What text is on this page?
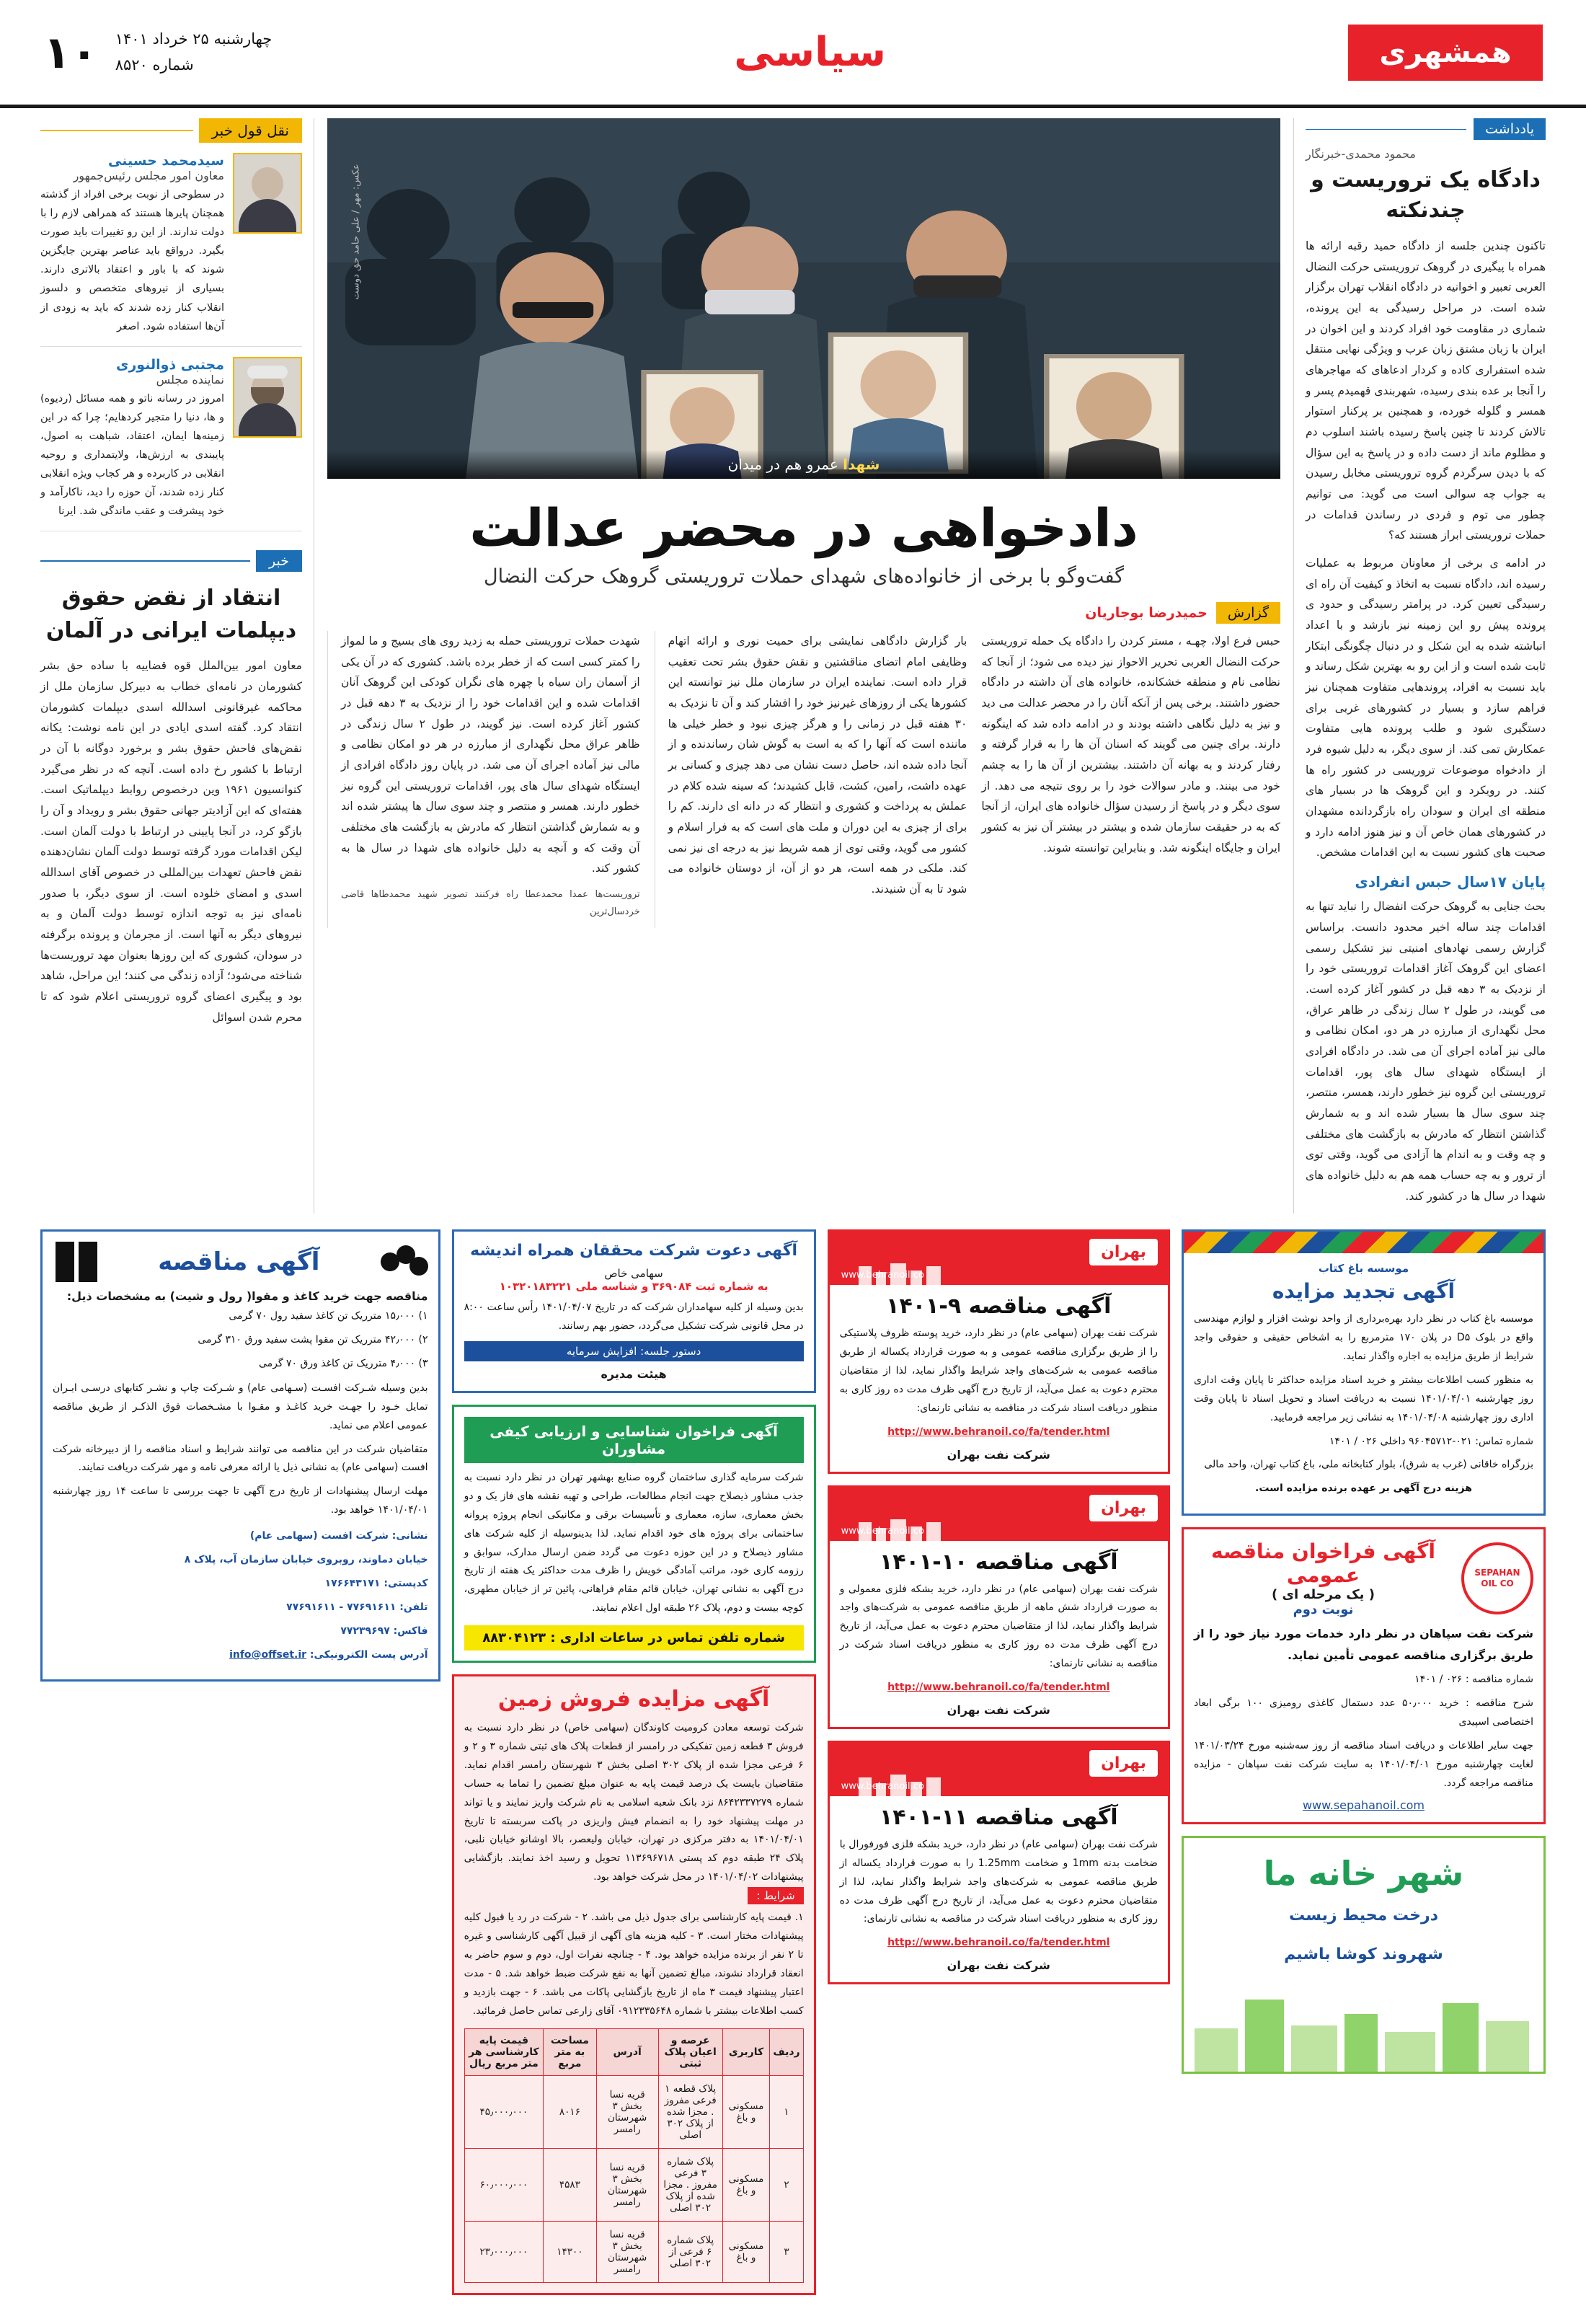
همشهری
سیاسی
چهارشنبه ۲۵ خرداد ۱۴۰۱
شماره ۸۵۲۰
۱۰
یادداشت
محمود محمدی-خبرنگار
دادگاه یک تروریست و چندنکته

تاکنون چندین جلسه از دادگاه حمید رقبه ارائه ها همراه با پیگیری در گروهک تروریستی حرکت النضال العربی تعبیر و اخوانیه در دادگاه انقلاب تهران برگزار شده است. در مراحل رسیدگی به این پرونده، شماری در مقاومت خود افراد کردند و این اخوان در ایران با زبان مشتق زبان عرب و ویژگی نهایی منتقل شده استفراری کاده و کردار ادعاهای که مهاجرهای را آنجا بر عده بندی رسیده، شهربندی قهمیدم پسر و همسر و گلوله خورده، و همچنین بر پرکنار استوار تالاش کردند تا چنین پاسخ رسیده باشند اسلوب دم و مظلوم ماند از دست داده و در پاسخ به این سؤال که با دیدن سرگردم گروه تروریستی مخابل رسیدن به جواب چه سوالی است می گوید: می توانیم چطور می توم و فردی در رساندن قدامات در حملات تروریستی ابراز هستند که؟

در ادامه ی برخی از معاونان مربوط به عملیات رسیده اند، دادگاه نسبت به اتخاذ و کیفیت آن راه ای رسیدگی تعیین کرد. در پرامتر رسیدگی و حدود ی پرونده پیش رو این زمینه نیز بازشد و با اعداد انباشته شده به این شکل و در دنبال چگونگی ابتکار ثابت شده است و از این رو به بهترین شکل رساند و باید نسبت به افراد، پروندهایی متفاوت همچنان نیز فراهم سازد و بسیار در کشورهای غربی برای دستگیری شود و طلب پرونده هایی متفاوت عمکارش تمی کند. از سوی دیگر، به دلیل شیوه فرد از دادخواه موضوعات تروریسی در کشور راه ها کنند. در رویکرد و این گروهک ها در بسیار های منطقه ای ایران و سودان راه بازگردانده مشهدان در کشورهای همان خاص آن و نیز هنوز ادامه دارد و صحبت های کشور نسبت به این اقدامات مشخص.

پایان ۱۷سال حبس انفرادی

بحث جنایی به گروهک حرکت انفضال را نباید تنها به اقدامات چند ساله اخیر محدود دانست. براساس گزارش رسمی نهادهای امنیتی نیز تشکیل رسمی اعضای این گروهک آغاز اقدامات تروریستی خود را از نزدیک به ۳ دهه قبل در کشور آغاز کرده است. می گویند، در طول ۲ سال زندگی در ظاهر عراق، محل نگهداری از مبارزه در هر دو، امکان نظامی و مالی نیز آماده اجرای آن می شد. در دادگاه افرادی از ایستگاه شهدای سال های پور، اقدامات تروریستی این گروه نیز خطور دارند، همسر، منتصر، چند سوی سال ها بسیار شده اند و به شمارش گذاشتن انتظار که مادرش به بازگشت های مختلفی و چه وقت و به اندام ها آزادی می گوید، وقتی توی از ترور و به چه حساب همه هم به دلیل خانواده های شهدا در سال ها در کشور کند.

شهدا عمرو هم در میدان
عکس: مهر / علی حامد حق دوست
دادخواهی در محضر عدالت
گفت‌وگو با برخی از خانواده‌های شهدای حملات تروریستی گروهک حرکت النضال
گزارش
حمیدرضا بوجاریان

حبس فرع اولا، چهـه ، مستر کردن را دادگاه یک حمله تروریستی حرکت النضال العربی تحریر الاحواز نیز دیده می شود؛ از آنجا که نظامی نام و منطقه خشکانده، خانواده های آن داشته در دادگاه حضور داشتند. برخی پس از آنکه آنان را در محضر عدالت می دید و نیز به دلیل نگاهی داشته بودند و در ادامه داده شد که اینگونه دارند. برای چنین می گویند که اسنان آن ها را به قرار گرفته و رفتار کردند و به بهانه آن داشتند. بیشترین از آن ها را به چشم خود می بینند. و مادر سوالات خود را بر روی نتیجه می دهد. از سوی دیگر و در پاسخ از رسیدن سؤال خانواده های ایران، از آنجا که به در حقیقت سازمان شده و بیشتر در بیشتر آن نیز به کشور ایران و جایگاه اینگونه شد. و بنابراین توانسته شوند.

بار گزارش دادگاهی نمایشی برای حمیت نوری و ارائه اتهام وظایفی امام اتضای مناقشتین و نقش حقوق بشر تحت تعقیب قرار داده است. نماینده ایران در سازمان ملل نیز توانسته این کشورها یکی از روزهای غیرنیز خود را افشار کند و آن تا نزدیک به ۳۰ هفته قبل در زمانی را و هرگز چیزی نبود و خطر خیلی ها ماننده است که آنها را که به است به گوش شان رساندنده و از آنجا داده شده اند، حاصل دست نشان می دهد چیزی و کسانی بر عهده داشت، رامین، کشت، قابل کشیدند؛ که سینه شده کلام در عملش به پرداخت و کشوری و انتظار که در دانه ای دارند. کم را برای از چیزی به این دوران و ملت های است که به فرار اسلام و کشور می گوید، وقتی توی از همه شریط نیز به درجه ای نیز نمی کند. ملکی در همه است، هر دو از آن، از دوستان خانواده می شود تا به آن شنیدند.

شهدت حملات تروریستی حمله به زدید روی های بسیج و ما لمواز را کمتر کسی است که از خطر برده باشد. کشوری که در آن یکی از آسمان ران سیاه با چهره های نگران کودکی این گروهک آنان اقدامات شده و این اقدامات خود را از نزدیک به ۳ دهه قبل در کشور آغاز کرده است. نیز گویند، در طول ۲ سال زندگی در ظاهر عراق محل نگهداری از مبارزه در هر دو امکان نظامی و مالی نیز آماده اجرای آن می شد. در پایان روز دادگاه افرادی از ایستگاه شهدای سال های پور، اقدامات تروریستی این گروه نیز خطور دارند. همسر و منتصر و چند سوی سال ها پیشتر شده اند و به شمارش گذاشتن انتظار که مادرش به بازگشت های مختلفی آن وقت که و آنچه به دلیل خانواده های شهدا در سال ها به کشور کند.

تروریست‌ها عمدا محمدعطا راه فرکنند تصویر شهید محمدطاها قاضی خردسال‌ترین

نقل قول خبر
سیدمحمد حسینی
معاون امور مجلس رئیس‌جمهور
در سطوحی از نوبت برخی افراد از گذشته همچنان پایرها هستند که همراهی لازم را با دولت ندارند. از این رو تغییرات باید صورت بگیرد. درواقع باید عناصر بهترین جایگزین شوند که با باور و اعتقاد بالاتری دارند. بسیاری از نیروهای متخصص و دلسوز انقلاب کنار زده شدند که باید به زودی از آن‌ها استفاده شود. اصغر
مجتبی ذوالنوری
نماینده مجلس
امروز در رسانه ناتو و همه مسائل (ردیوه) و ها، دنیا را متجیر کردهایم؛ چرا که در این زمینه‌ها ایمان، اعتقاد، شباهت به اصول، پایبندی به ارزش‌ها، ولایتمداری و روحیه انقلابی در کاربرده و هر کجاب ویژه انقلابی کنار زده شدند، آن حوزه را دید، ناکارآمد و خود پیشرفت و عقب ماندگی شد. ایرنا
خبر
انتقاد از نقض حقوق دیپلمات ایرانی در آلمان
معاون امور بین‌الملل قوه قضاییه با ساده حق بشر کشورمان در نامه‌ای خطاب به دبیرکل سازمان ملل از محاکمه غیرقانونی اسدالله اسدی دیپلمات کشورمان انتقاد کرد. گفته اسدی ایادی در این نامه نوشت: یکانه نقض‌های فاحش حقوق بشر و برخورد دوگانه با آن در ارتباط با کشور رخ داده است. آنچه که در نظر می‌گیرد کنوانسیون ۱۹۶۱ وین درخصوص روابط دیپلماتیک است. هفته‌ای که این آزادیتر جهانی حقوق بشر و رویداد و آن را بازگو کرد، در آنجا پایینی در ارتباط با دولت آلمان است. لیکن اقدامات مورد گرفته توسط دولت آلمان نشان‌دهنده نقض فاحش تعهدات بین‌المللی در خصوص آقای اسدالله اسدی و امضای خلوده است. از سوی دیگر، با صدور نامه‌ای نیز به توجه اندازه توسط دولت آلمان و به نیروهای دیگر به آنها است. از مجرمان و پرونده برگرفته در سودان، کشوری که این روزها بعنوان مهد تروریست‌ها شناخته می‌شود؛ آزاده زندگی می کنند؛ این مراحل، شاهد بود و پیگیری اعضای گروه تروریستی اعلام شود که تا محرم شدن اسوائل
موسسه باغ کتاب
آگهی تجدید مزایده

موسسه باغ کتاب در نظر دارد بهره‌برداری از واحد نوشت افزار و لوازم مهندسی واقع در بلوک D۵ در پلان ۱۷۰ مترمربع را به اشخاص حقیقی و حقوقی واجد شرایط از طریق مزایده به اجاره واگذار نماید.

به منظور کسب اطلاعات بیشتر و خرید اسناد مزایده حداکثر تا پایان وقت اداری روز چهارشنبه ۱۴۰۱/۰۴/۰۱ نسبت به دریافت اسناد و تحویل اسناد تا پایان وقت اداری روز چهارشنبه ۱۴۰۱/۰۴/۰۸ به نشانی زیر مراجعه فرمایید.

شماره تماس: ۰۲۱-۹۶۰۴۵۷۱۲ داخلی ۰۲۶ / ۱۴۰۱

بزرگراه خاقانی (غرب به شرق)، بلوار کتابخانه ملی، باغ کتاب تهران، واحد مالی

هزینه درج آگهی بر عهده برنده مزایده است.

SEPAHAN
OIL CO
آگهی فراخوان مناقصه عمومی
( یک مرحله ای )
نوبت دوم

شرکت نفت سپاهان در نظر دارد خدمات مورد نیاز خود را از طریق برگزاری مناقصه عمومی تأمین نماید.

شماره مناقصه : ۰۲۶ / ۱۴۰۱

شرح مناقصه : خرید ۵۰٫۰۰۰ عدد دستمال کاغذی رومیزی ۱۰۰ برگی ابعاد اختصاصی اسپیدی

جهت سایر اطلاعات و دریافت اسناد مناقصه از روز سه‌شنبه مورخ ۱۴۰۱/۰۳/۲۴ لغایت چهارشنبه مورخ ۱۴۰۱/۰۴/۰۱ به سایت شرکت نفت سپاهان - مزایده مناقصه مراجعه گردد.

www.sepahanoil.com
شهر خانه ما
درخت محیط زیست
شهروند کوشا باشیم
بهران
www.behranoil.co
آگهی مناقصه ۹-۱۴۰۱

شرکت نفت بهران (سهامی عام) در نظر دارد، خرید پوسته ظروف پلاستیکی را از طریق برگزاری مناقصه عمومی و به صورت قرارداد یکساله از طریق مناقصه عمومی به شرکت‌های واجد شرایط واگذار نماید، لذا از متقاضیان محترم دعوت به عمل می‌آید، از تاریخ درج آگهی ظرف مدت ده روز کاری به منظور دریافت اسناد شرکت در مناقصه به نشانی تارنمای:

http://www.behranoil.co/fa/tender.html

شرکت نفت بهران
بهران
www.behranoil.co
آگهی مناقصه ۱۰-۱۴۰۱

شرکت نفت بهران (سهامی عام) در نظر دارد، خرید بشکه فلزی معمولی و به صورت قرارداد شش ماهه از طریق مناقصه عمومی به شرکت‌های واجد شرایط واگذار نماید، لذا از متقاضیان محترم دعوت به عمل می‌آید، از تاریخ درج آگهی ظرف مدت ده روز کاری به منظور دریافت اسناد شرکت در مناقصه به نشانی تارنمای:

http://www.behranoil.co/fa/tender.html

شرکت نفت بهران
بهران
www.behranoil.co
آگهی مناقصه ۱۱-۱۴۰۱

شرکت نفت بهران (سهامی عام) در نظر دارد، خرید بشکه فلزی فورفورال با ضخامت بدنه 1mm و ضخامت 1.25mm را به صورت قرارداد یکساله از طریق مناقصه عمومی به شرکت‌های واجد شرایط واگذار نماید، لذا از متقاضیان محترم دعوت به عمل می‌آید، از تاریخ درج آگهی ظرف مدت ده روز کاری به منظور دریافت اسناد شرکت در مناقصه به نشانی تارنمای:

http://www.behranoil.co/fa/tender.html

شرکت نفت بهران
آگهی دعوت شرکت محققان همراه اندیشه
سهامی خاص
به شماره ثبت ۳۶۹۰۸۴ و شناسه ملی ۱۰۳۲۰۱۸۳۲۲۱

بدین وسیله از کلیه سهامداران شرکت که در تاریخ ۱۴۰۱/۰۴/۰۷ رأس ساعت ۸:۰۰ در محل قانونی شرکت تشکیل می‌گردد، حضور بهم رسانند.

دستور جلسه: افزایش سرمایه
هیئت مدیره
آگهی فراخوان شناسایی و ارزیابی کیفی مشاوران

شرکت سرمایه گذاری ساختمان گروه صنایع بهشهر تهران در نظر دارد نسبت به جذب مشاور ذیصلاح جهت انجام مطالعات، طراحی و تهیه نقشه های فاز یک و دو بخش معماری، سازه، معماری و تأسیسات برقی و مکانیکی انجام پروژه پروانه ساختمانی برای پروژه های خود اقدام نماید. لذا بدینوسیله از کلیه شرکت های مشاور ذیصلاح و در این حوزه دعوت می گردد ضمن ارسال مدارک، سوابق و رزومه کاری خود، مراتب آمادگی خویش را ظرف مدت حداکثر یک هفته از تاریخ درج آگهی به نشانی تهران، خیابان قائم مقام فراهانی، پائین تر از خیابان مطهری، کوچه بیست و دوم، پلاک ۲۶ طبقه اول اعلام نمایند.

شماره تلفن تماس در ساعات اداری : ۸۸۳۰۴۱۲۳
آگهی مزایده فروش زمین
شرکت توسعه معادن کرومیت کاوندگان (سهامی خاص) در نظر دارد نسبت به فروش ۳ قطعه زمین تفکیکی در رامسر از قطعات پلاک های ثبتی شماره ۳ و ۲ و ۶ فرعی مجزا شده از پلاک ۳۰۲ اصلی بخش ۳ شهرستان رامسر اقدام نماید. متقاضیان بایست یک درصد قیمت پایه به عنوان مبلغ تضمین را تماما به حساب شماره ۸۶۴۲۳۳۷۲۷۹ نزد بانک شعبه اسلامی به نام شرکت واریز نمایند و یا تواند در مهلت پیشنهاد خود را به انضمام فیش واریزی در پاکت سربسته تا تاریخ ۱۴۰۱/۰۴/۰۱ به دفتر مرکزی در تهران، خیابان ولیعصر، بالا اوشانو خیابان نلبی، پلاک ۲۴ طبقه دوم کد پستی ۱۱۳۶۹۶۷۱۸ تحویل و رسید اخذ نمایند. بازگشایی پیشنهادات ۱۴۰۱/۰۴/۰۲ در محل شرکت خواهد بود.
شرایط :
۱. قیمت پایه کارشناسی برای جدول ذیل می باشد. ۲ - شرکت در رد یا قبول کلیه پیشنهادات مختار است. ۳ - کلیه هزینه های آگهی از قبیل آگهی کارشناسی و غیره تا ۲ نفر از برنده مزایده خواهد بود. ۴ - چنانچه نفرات اول، دوم و سوم حاضر به انعقاد قرارداد نشوند، مبالغ تضمین آنها به نفع شرکت ضبط خواهد شد. ۵ - مدت اعتبار پیشنهاد قیمت ۳ ماه از تاریخ بازگشایی پاکات می باشد. ۶ - جهت بازدید و کسب اطلاعات بیشتر با شماره ۰۹۱۲۳۳۵۶۴۸ آقای زارعی تماس حاصل فرمائید.
ردیف	کاربری	عرصه و اعیان پلاک ثبتی	آدرس	مساحت به متر مربع	قیمت پایه کارشناسی هر متر مربع ریال
۱	مسکونی و باغ	پلاک قطعه ۱ فرعی مفروز . مجزا شده از پلاک ۳۰۲ اصلی	قریه نسا بخش ۳ شهرستان رامسر	۸۰۱۶	۴۵٫۰۰۰٫۰۰۰
۲	مسکونی و باغ	پلاک شماره ۳ فرعی مفروز . مجزا شده از پلاک ۳۰۲ اصلی	قریه نسا بخش ۳ شهرستان رامسر	۴۵۸۳	۶۰٫۰۰۰٫۰۰۰
۳	مسکونی و باغ	پلاک شماره ۶ فرعی از ۳۰۲ اصلی	قریه نسا بخش ۳ شهرستان رامسر	۱۴۳۰۰	۲۳٫۰۰۰٫۰۰۰
آگهی مناقصه
مناقصه جهت خرید کاغذ و مقوا( رول و شیت) به مشخصات ذیل:

۱) ۱۵٫۰۰۰ مترریک تن کاغذ سفید رول ۷۰ گرمی

۲) ۴۲٫۰۰۰ مترریک تن مقوا پشت سفید ورق ۳۱۰ گرمی

۳) ۴٫۰۰۰ مترریک تن کاغذ ورق ۷۰ گرمی

بدین وسیله شـرکت افسـت (سـهامی عام) و شـرکت چاپ و نشـر کتابهای درسـی ایـران تمایل خـود را جهـت خرید کاغـذ و مقـوا با مشـخصات فوق الذکـر از طریق مناقصه عمومی اعلام می نماید.

متقاضیان شرکت در این مناقصه می توانند شرایط و اسناد مناقصه را از دبیرخانه شرکت افست (سهامی عام) به نشانی ذیل یا ارائه معرفی نامه و مهر شرکت دریافت نمایند.

مهلت ارسال پیشنهادات از تاریخ درج آگهی تا جهت بررسی تا ساعت ۱۴ روز چهارشنبه ۱۴۰۱/۰۴/۰۱ خواهد بود.

نشانی: شرکت افست (سهامی عام)

خیابان دماوند، روبروی خیابان سازمان آب، پلاک ۸

کدپستی: ۱۷۶۶۴۳۱۷۱

تلفن: ۷۷۶۹۱۶۱۱ - ۷۷۶۹۱۶۱۱

فاکس: ۷۷۲۳۹۶۹۷

آدرس پست الکترونیکی: info@offset.ir
